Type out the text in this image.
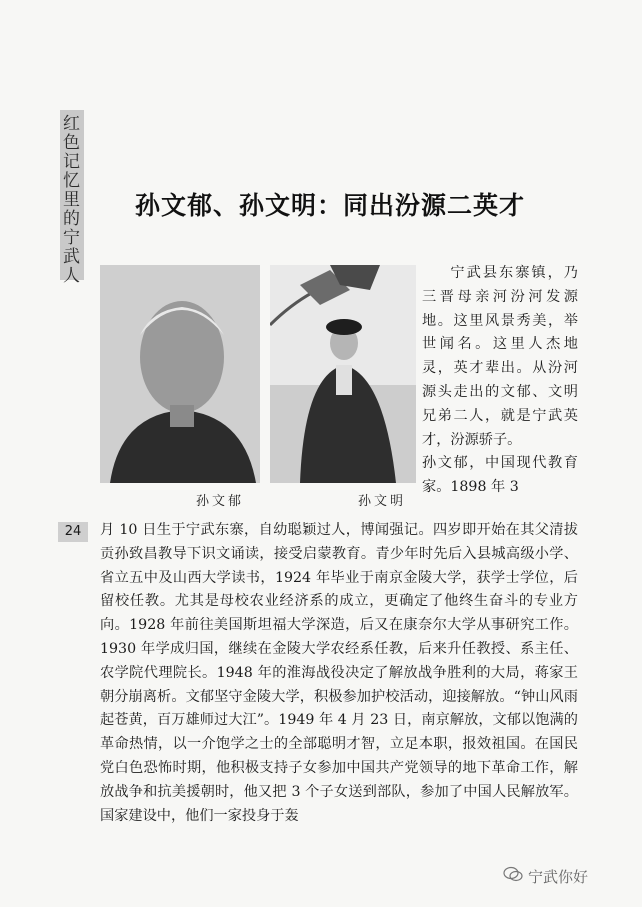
红色记忆里的宁武人	孙文郁、孙文明：同出汾源二英才
孙文郁	孙文明
宁武县东寨镇，乃三晋母亲河汾河发源地。这里风景秀美，举世闻名。这里人杰地灵，英才辈出。从汾河源头走出的文郁、文明兄弟二人，就是宁武英才，汾源骄子。
孙文郁，中国现代教育家。1898 年 3
24	月 10 日生于宁武东寨，自幼聪颖过人，博闻强记。四岁即开始在其父清拔贡孙致昌教导下识文诵读，接受启蒙教育。青少年时先后入县城高级小学、省立五中及山西大学读书，1924 年毕业于南京金陵大学，获学士学位，后留校任教。尤其是母校农业经济系的成立，更确定了他终生奋斗的专业方向。1928 年前往美国斯坦福大学深造，后又在康奈尔大学从事研究工作。1930 年学成归国，继续在金陵大学农经系任教，后来升任教授、系主任、农学院代理院长。1948 年的淮海战役决定了解放战争胜利的大局，蒋家王朝分崩离析。文郁坚守金陵大学，积极参加护校活动，迎接解放。“钟山风雨起苍黄，百万雄师过大江”。1949 年 4 月 23 日，南京解放，文郁以饱满的革命热情，以一介饱学之士的全部聪明才智，立足本职，报效祖国。在国民党白色恐怖时期，他积极支持子女参加中国共产党领导的地下革命工作，解放战争和抗美援朝时，他又把 3 个子女送到部队，参加了中国人民解放军。国家建设中，他们一家投身于轰
宁武你好
